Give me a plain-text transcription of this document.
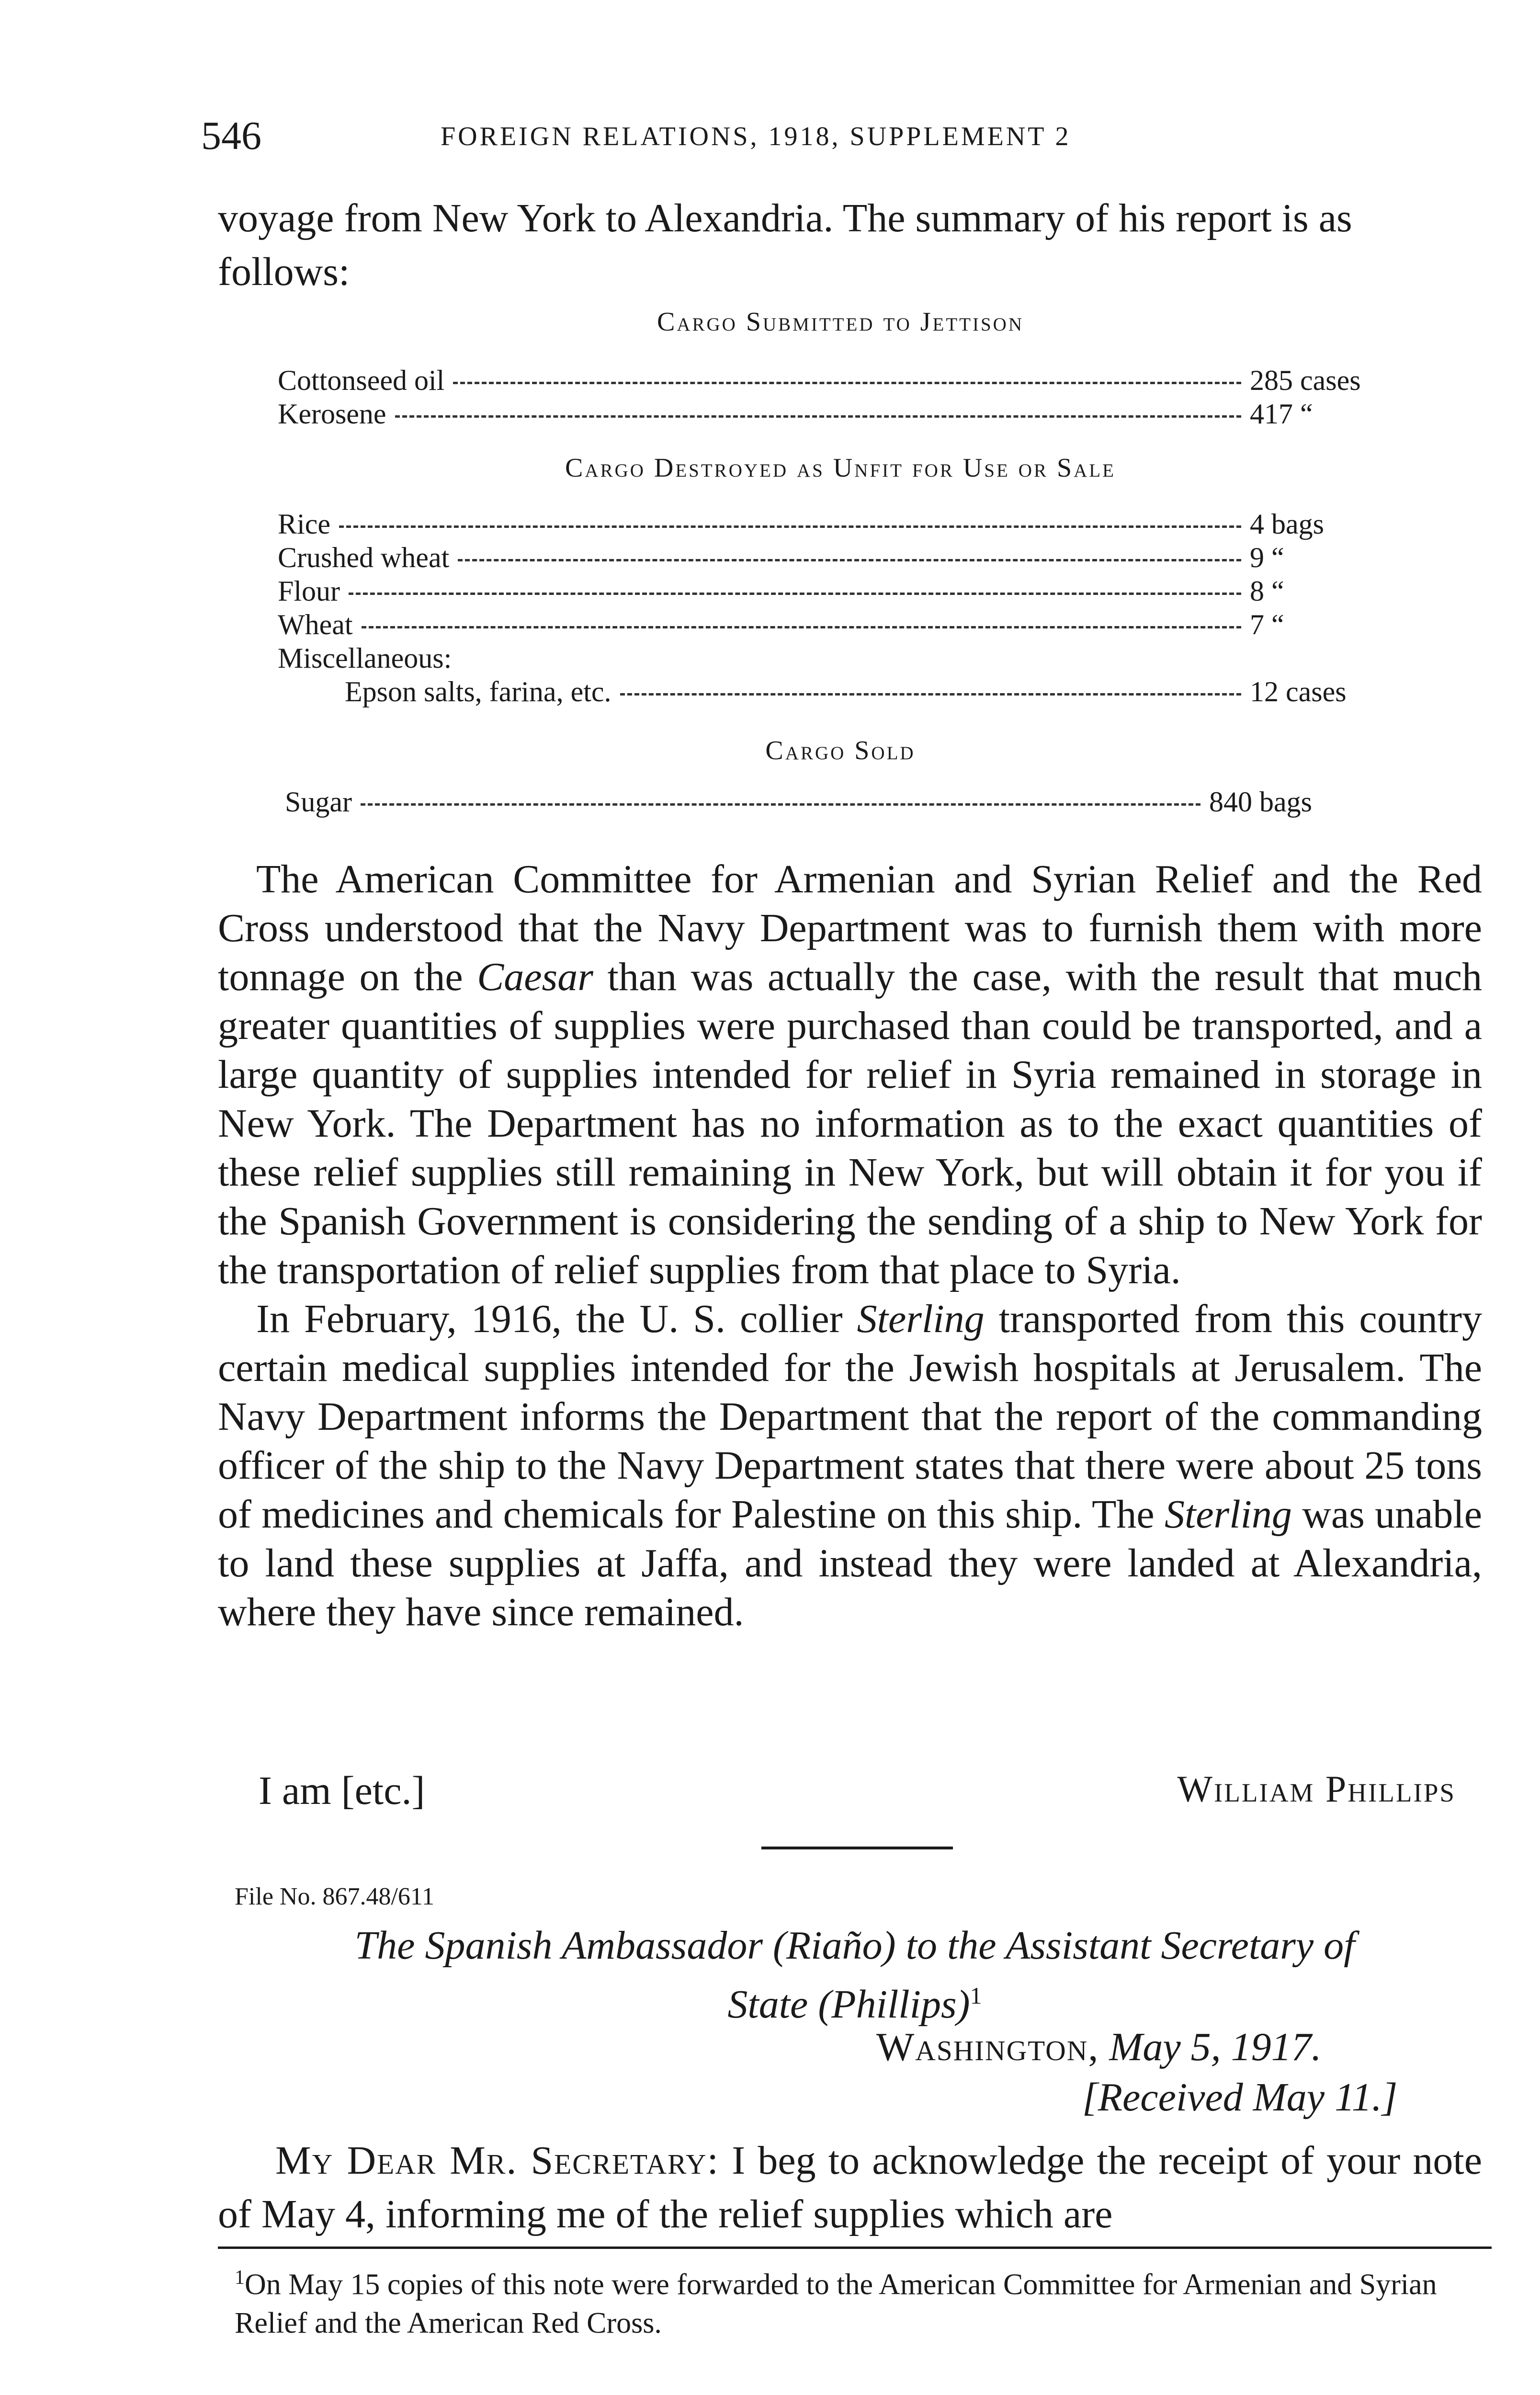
546	FOREIGN RELATIONS, 1918, SUPPLEMENT 2
voyage from New York to Alexandria. The summary of his report is as follows:
Cargo Submitted to Jettison
Cottonseed oil	285 cases
Kerosene	417 “
Cargo Destroyed as Unfit for Use or Sale
Rice	4 bags
Crushed wheat	9 “
Flour	8 “
Wheat	7 “
Miscellaneous:
Epson salts, farina, etc.	12 cases
Cargo Sold
Sugar	840 bags

The American Committee for Armenian and Syrian Relief and the Red Cross understood that the Navy Department was to furnish them with more tonnage on the Caesar than was actually the case, with the result that much greater quantities of supplies were purchased than could be transported, and a large quantity of supplies intended for relief in Syria remained in storage in New York. The Department has no information as to the exact quantities of these relief supplies still remaining in New York, but will obtain it for you if the Spanish Government is considering the sending of a ship to New York for the transportation of relief supplies from that place to Syria.

In February, 1916, the U. S. collier Sterling transported from this country certain medical supplies intended for the Jewish hospitals at Jerusalem. The Navy Department informs the Department that the report of the commanding officer of the ship to the Navy Department states that there were about 25 tons of medicines and chemicals for Palestine on this ship. The Sterling was unable to land these supplies at Jaffa, and instead they were landed at Alexandria, where they have since remained.

I am [etc.]	William Phillips
File No. 867.48/611
The Spanish Ambassador (Riaño) to the Assistant Secretary of
State (Phillips)$^1$
Washington, May 5, 1917.
[Received May 11.]

My Dear Mr. Secretary: I beg to acknowledge the receipt of your note of May 4, informing me of the relief supplies which are

$^1$On May 15 copies of this note were forwarded to the American Committee for Armenian and Syrian Relief and the American Red Cross.
